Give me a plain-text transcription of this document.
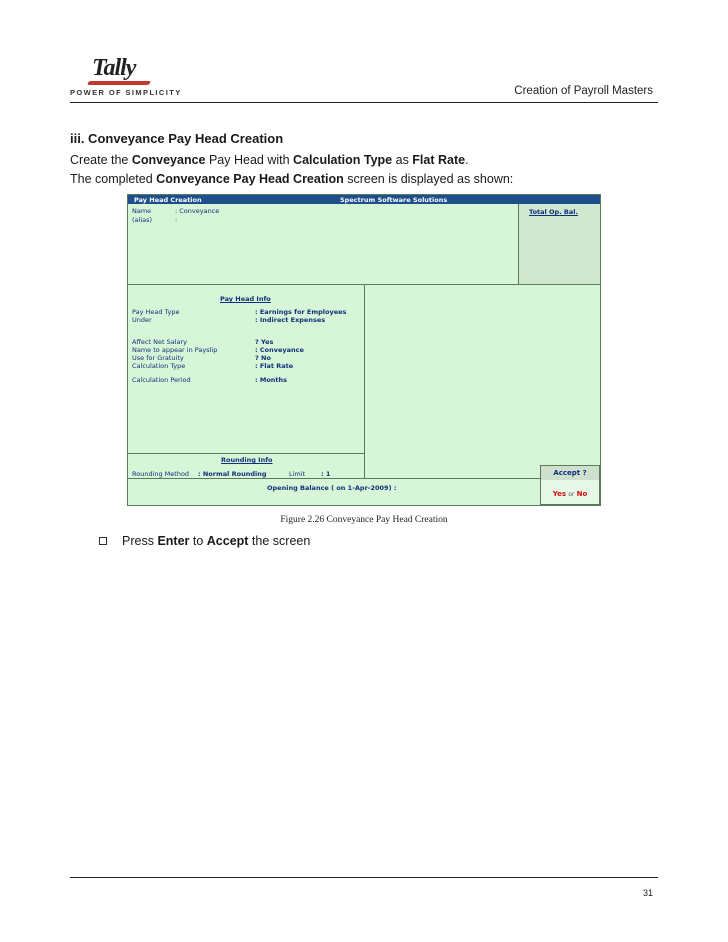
Tally
POWER OF SIMPLICITY	Creation of Payroll Masters
iii. Conveyance Pay Head Creation
Create the Conveyance Pay Head with Calculation Type as Flat Rate.
The completed Conveyance Pay Head Creation screen is displayed as shown:
Pay Head Creation	Spectrum Software Solutions
Total Op. Bal.
Name	: Conveyance
(alias)	:
Pay Head Info
Pay Head Type	: Earnings for Employees
Under	: Indirect Expenses
Affect Net Salary	? Yes
Name to appear in Payslip	: Conveyance
Use for Gratuity	? No
Calculation Type	: Flat Rate
Calculation Period	: Months
Rounding Info
Rounding Method : Normal Rounding	Limit : 1
Opening Balance ( on 1-Apr-2009) :
Accept ?
Yes or No
Figure 2.26 Conveyance Pay Head Creation
Press Enter to Accept the screen
31
